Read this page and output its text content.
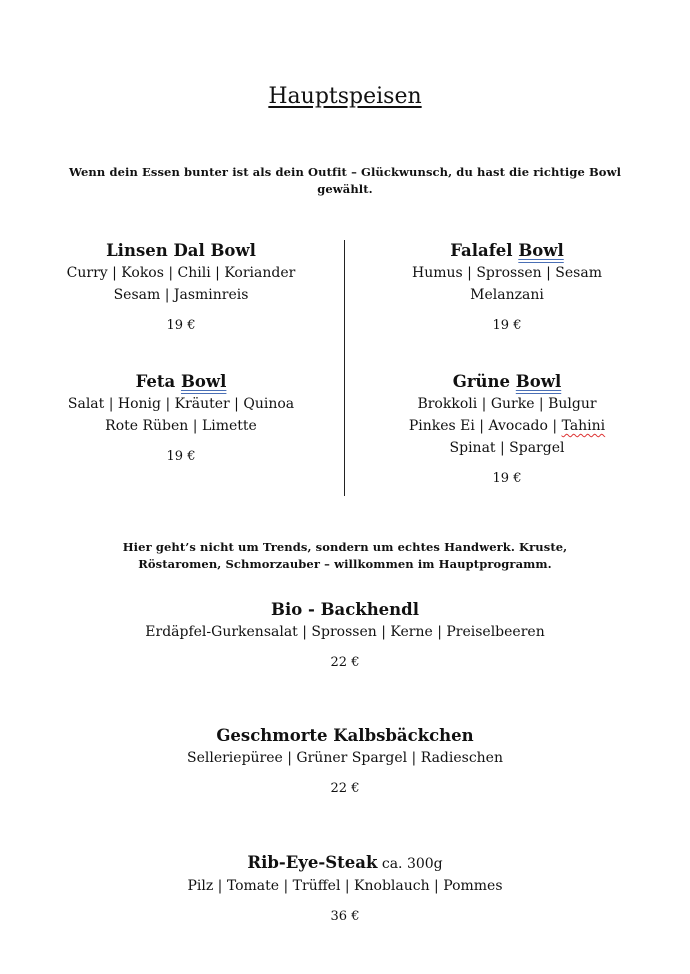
Hauptspeisen
Wenn dein Essen bunter ist als dein Outfit – Glückwunsch, du hast die richtige Bowl gewählt.
Linsen Dal Bowl
Curry | Kokos | Chili | Koriander
Sesam | Jasminreis
19 €
Falafel Bowl
Humus | Sprossen | Sesam
Melanzani
19 €
Feta Bowl
Salat | Honig | Kräuter | Quinoa
Rote Rüben | Limette
19 €
Grüne Bowl
Brokkoli | Gurke | Bulgur
Pinkes Ei | Avocado | Tahini
Spinat | Spargel
19 €
Hier geht’s nicht um Trends, sondern um echtes Handwerk. Kruste, Röstaromen, Schmorzauber – willkommen im Hauptprogramm.
Bio - Backhendl
Erdäpfel-Gurkensalat | Sprossen | Kerne | Preiselbeeren
22 €
Geschmorte Kalbsbäckchen
Selleriepüree | Grüner Spargel | Radieschen
22 €
Rib-Eye-Steak ca. 300g
Pilz | Tomate | Trüffel | Knoblauch | Pommes
36 €
